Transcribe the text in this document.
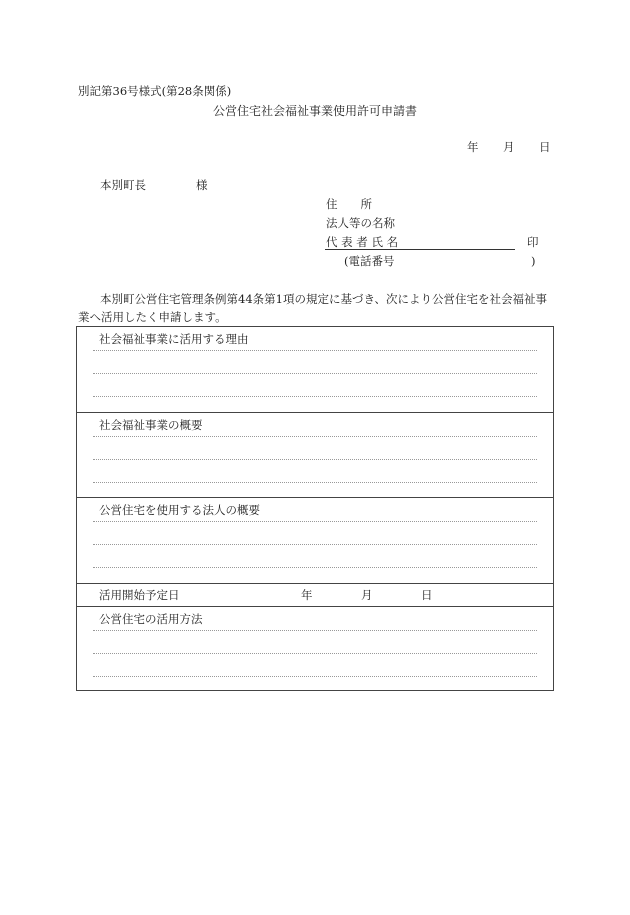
別記第36号様式(第28条関係)
公営住宅社会福祉事業使用許可申請書
年 月 日
本別町長	様
住　　所
法人等の名称
代 表 者 氏 名	印
(電話番号	)
本別町公営住宅管理条例第44条第1項の規定に基づき、次により公営住宅を社会福祉事
業へ活用したく申請します。
社会福祉事業に活用する理由
社会福祉事業の概要
公営住宅を使用する法人の概要
活用開始予定日	年	月	日
公営住宅の活用方法
